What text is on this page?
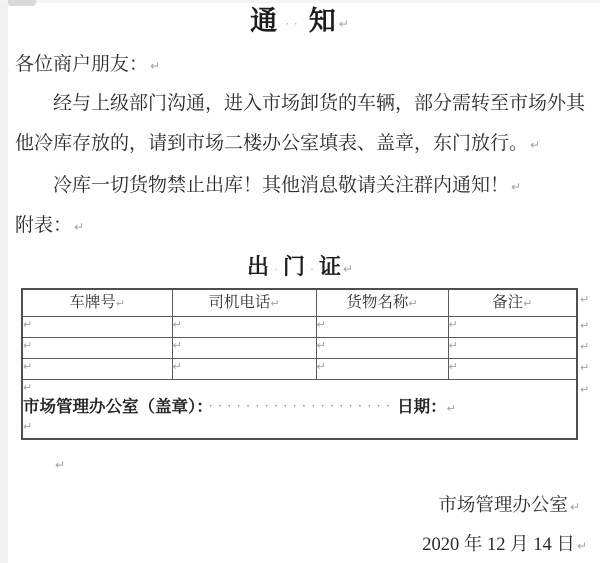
通 ·· 知 ↵
各位商户朋友： ↵
经与上级部门沟通，进入市场卸货的车辆，部分需转至市场外其
他冷库存放的，请到市场二楼办公室填表、盖章，东门放行。 ↵
冷库一切货物禁止出库！其他消息敬请关注群内通知！ ↵
附表： ↵
出 · 门 · 证 ↵
车牌号↵	司机电话↵	货物名称↵	备注↵
↵	↵	↵	↵
↵	↵	↵	↵
↵	↵	↵	↵

↵
市场管理办公室（盖章）： ···················· 日期：↵
↵			
↵
↵
↵
↵
↵
↵
市场管理办公室 ↵
2020 年 12 月 14 日 ↵
